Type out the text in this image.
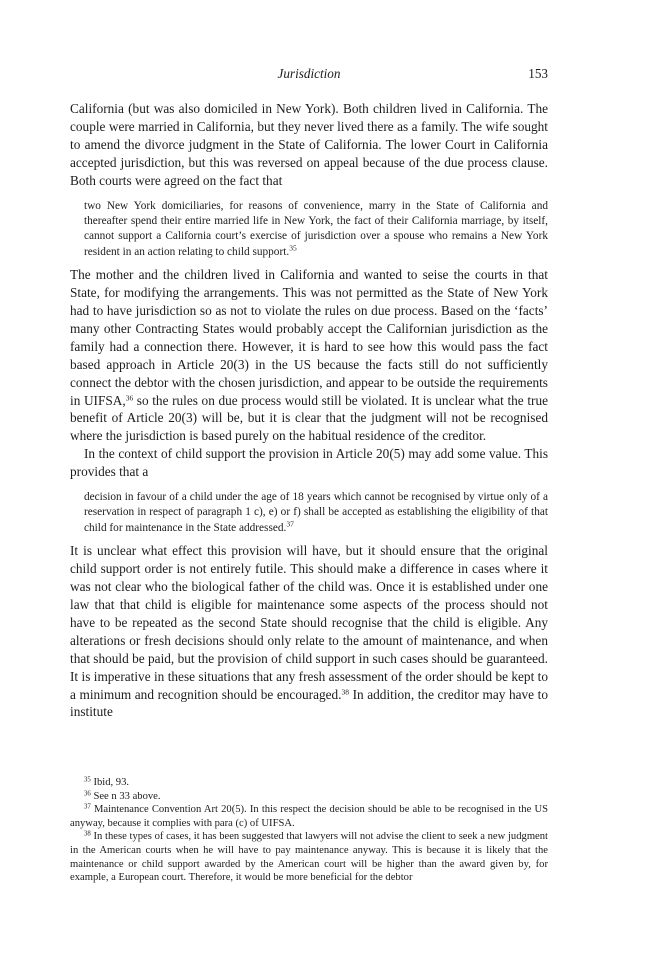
Jurisdiction	153

California (but was also domiciled in New York). Both children lived in California. The couple were married in California, but they never lived there as a family. The wife sought to amend the divorce judgment in the State of California. The lower Court in California accepted jurisdiction, but this was reversed on appeal because of the due process clause. Both courts were agreed on the fact that

two New York domiciliaries, for reasons of convenience, marry in the State of California and thereafter spend their entire married life in New York, the fact of their California marriage, by itself, cannot support a California court’s exercise of jurisdiction over a spouse who remains a New York resident in an action relating to child support.$^{35}$

The mother and the children lived in California and wanted to seise the courts in that State, for modifying the arrangements. This was not permitted as the State of New York had to have jurisdiction so as not to violate the rules on due process. Based on the ‘facts’ many other Contracting States would probably accept the Californian jurisdiction as the family had a connection there. However, it is hard to see how this would pass the fact based approach in Article 20(3) in the US because the facts still do not sufficiently connect the debtor with the chosen jurisdiction, and appear to be outside the requirements in UIFSA,$^{36}$ so the rules on due process would still be violated. It is unclear what the true benefit of Article 20(3) will be, but it is clear that the judgment will not be recognised where the jurisdiction is based purely on the habitual residence of the creditor.

In the context of child support the provision in Article 20(5) may add some value. This provides that a

decision in favour of a child under the age of 18 years which cannot be recognised by virtue only of a reservation in respect of paragraph 1 c), e) or f) shall be accepted as establishing the eligibility of that child for maintenance in the State addressed.$^{37}$

It is unclear what effect this provision will have, but it should ensure that the original child support order is not entirely futile. This should make a difference in cases where it was not clear who the biological father of the child was. Once it is established under one law that that child is eligible for maintenance some aspects of the process should not have to be repeated as the second State should recognise that the child is eligible. Any alterations or fresh decisions should only relate to the amount of maintenance, and when that should be paid, but the provision of child support in such cases should be guaranteed. It is imperative in these situations that any fresh assessment of the order should be kept to a minimum and recognition should be encouraged.$^{38}$ In addition, the creditor may have to institute

$^{35}$ Ibid, 93.

$^{36}$ See n 33 above.

$^{37}$ Maintenance Convention Art 20(5). In this respect the decision should be able to be recognised in the US anyway, because it complies with para (c) of UIFSA.

$^{38}$ In these types of cases, it has been suggested that lawyers will not advise the client to seek a new judgment in the American courts when he will have to pay maintenance anyway. This is because it is likely that the maintenance or child support awarded by the American court will be higher than the award given by, for example, a European court. Therefore, it would be more beneficial for the debtor
